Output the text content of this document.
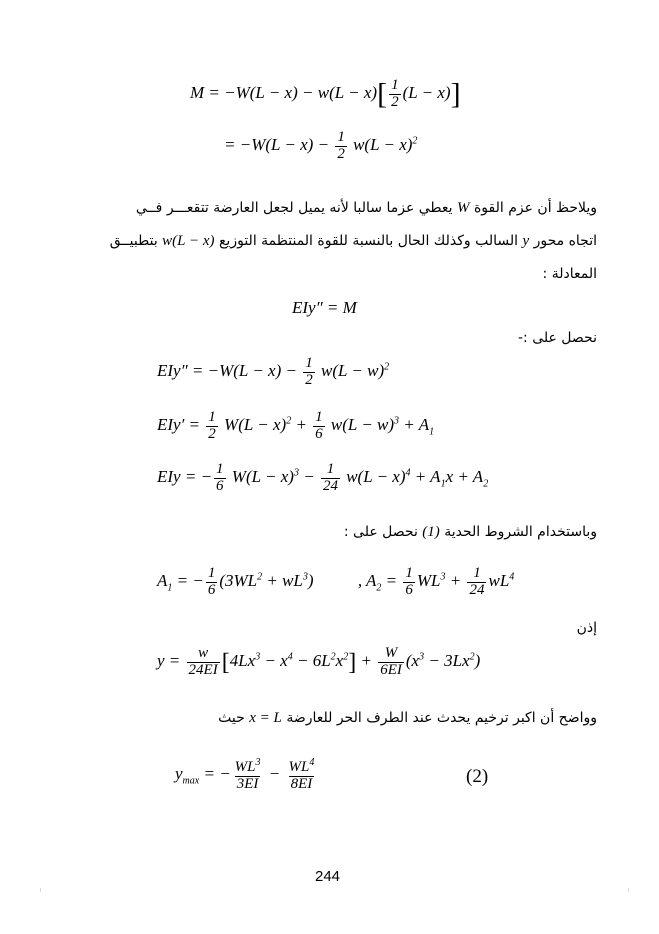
$M = -W(L - x) - w(L - x)[ \frac{1}{2} (L - x)]$
= $-W(L - x) - \frac{1}{2} w(L - x)^2$
ويلاحظ أن عزم القوة W يعطي عزما سالبا لأنه يميل لجعل العارضة تتقعـــر فــي
اتجاه محور y السالب وكذلك الحال بالنسبة للقوة المنتظمة التوزيع w(L − x) بتطبيــق
المعادلة :
EIy″ = M
نحصل على :-
$EIy'' = -W(L - x) - \frac{1}{2} w(L - w)^2$
$EIy' = \frac{1}{2} W(L - x)^2 + \frac{1}{6} w(L - w)^3 + A_1$
EIy = − $\frac{1}{6} W(L - x)^3 - \frac{1}{24} w(L - x)^4 + A_1x + A_2$
وباستخدام الشروط الحدية (1) نحصل على :
$A_1$ = − $\frac{1}{6} (3WL^2 + wL^3)$ , $A_2 = \frac{1}{6} WL^3 + \frac{1}{24} wL^4$
إذن
$y = \frac{w}{24EI} [4Lx^3 - x^4 - 6L^2x^2] + \frac{W}{6EI} (x^3 - 3Lx^2)$
وواضح أن اكبر ترخيم يحدث عند الطرف الحر للعارضة x = L حيث
$y_{max}$ = − $\frac{WL^3}{3EI} - \frac{WL^4}{8EI}$	(2)
244
